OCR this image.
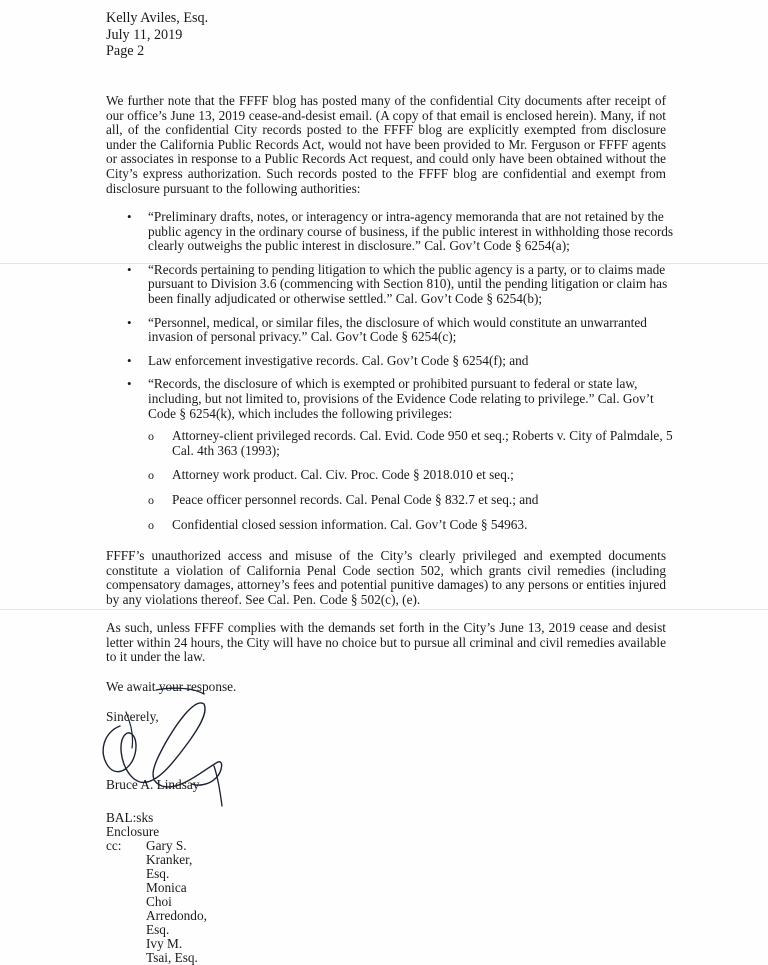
Kelly Aviles, Esq.
July 11, 2019
Page 2
We further note that the FFFF blog has posted many of the confidential City documents after receipt of our office’s June 13, 2019 cease-and-desist email. (A copy of that email is enclosed herein). Many, if not all, of the confidential City records posted to the FFFF blog are explicitly exempted from disclosure under the California Public Records Act, would not have been provided to Mr. Ferguson or FFFF agents or associates in response to a Public Records Act request, and could only have been obtained without the City’s express authorization. Such records posted to the FFFF blog are confidential and exempt from disclosure pursuant to the following authorities:
• “Preliminary drafts, notes, or interagency or intra-agency memoranda that are not retained by the public agency in the ordinary course of business, if the public interest in withholding those records clearly outweighs the public interest in disclosure.” Cal. Gov’t Code § 6254(a);
• “Records pertaining to pending litigation to which the public agency is a party, or to claims made pursuant to Division 3.6 (commencing with Section 810), until the pending litigation or claim has been finally adjudicated or otherwise settled.” Cal. Gov’t Code § 6254(b);
• “Personnel, medical, or similar files, the disclosure of which would constitute an unwarranted invasion of personal privacy.” Cal. Gov’t Code § 6254(c);
• Law enforcement investigative records. Cal. Gov’t Code § 6254(f); and
• “Records, the disclosure of which is exempted or prohibited pursuant to federal or state law, including, but not limited to, provisions of the Evidence Code relating to privilege.” Cal. Gov’t Code § 6254(k), which includes the following privileges:
o Attorney-client privileged records. Cal. Evid. Code 950 et seq.; Roberts v. City of Palmdale, 5 Cal. 4th 363 (1993);
o Attorney work product. Cal. Civ. Proc. Code § 2018.010 et seq.;
o Peace officer personnel records. Cal. Penal Code § 832.7 et seq.; and
o Confidential closed session information. Cal. Gov’t Code § 54963.
FFFF’s unauthorized access and misuse of the City’s clearly privileged and exempted documents constitute a violation of California Penal Code section 502, which grants civil remedies (including compensatory damages, attorney’s fees and potential punitive damages) to any persons or entities injured by any violations thereof. See Cal. Pen. Code § 502(c), (e).
As such, unless FFFF complies with the demands set forth in the City’s June 13, 2019 cease and desist letter within 24 hours, the City will have no choice but to pursue all criminal and civil remedies available to it under the law.
We await your response.
Sincerely,
Bruce A. Lindsay
BAL:sks
Enclosure
cc:	Gary S. Kranker, Esq.
Monica Choi Arredondo, Esq.
Ivy M. Tsai, Esq.
